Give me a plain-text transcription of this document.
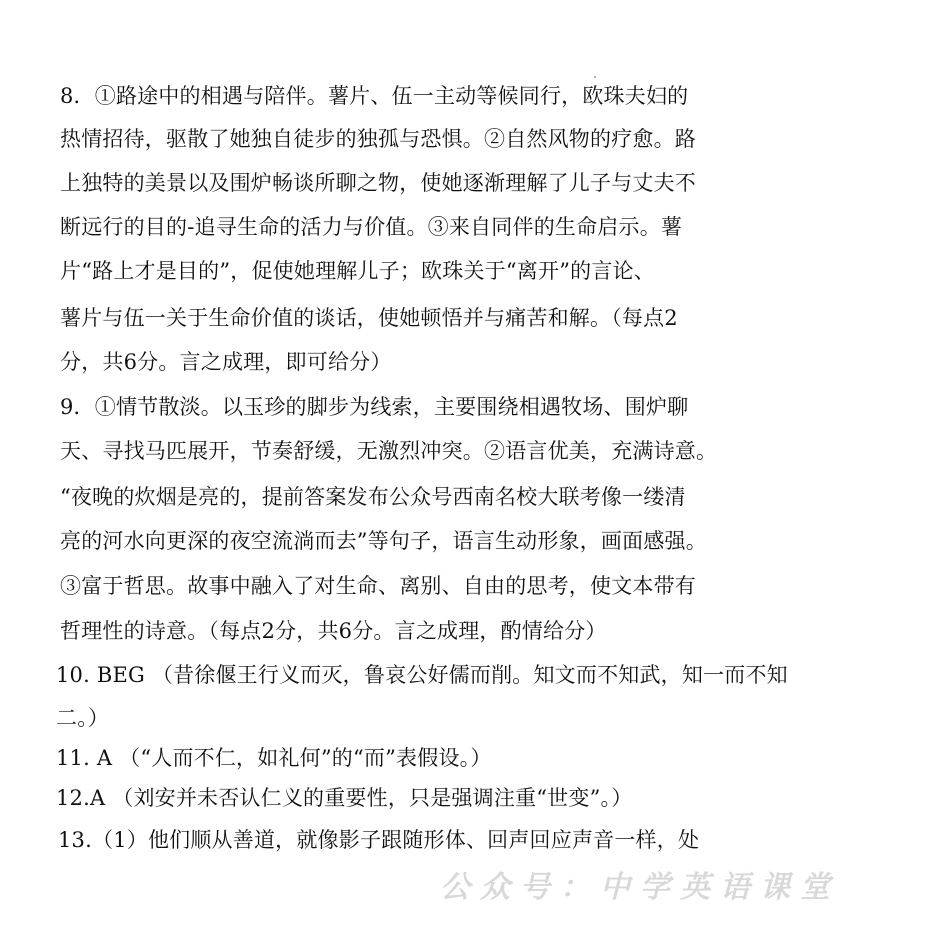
8．①路途中的相遇与陪伴。薯片、伍一主动等候同行，欧珠夫妇的
热情招待，驱散了她独自徒步的独孤与恐惧。②自然风物的疗愈。路
上独特的美景以及围炉畅谈所聊之物，使她逐渐理解了儿子与丈夫不
断远行的目的-追寻生命的活力与价值。③来自同伴的生命启示。薯
片“路上才是目的”，促使她理解儿子；欧珠关于“离开”的言论、
薯片与伍一关于生命价值的谈话，使她顿悟并与痛苦和解。（每点2
分，共6分。言之成理，即可给分）
9．①情节散淡。以玉珍的脚步为线索，主要围绕相遇牧场、围炉聊
天、寻找马匹展开，节奏舒缓，无激烈冲突。②语言优美，充满诗意。
“夜晚的炊烟是亮的，提前答案发布公众号西南名校大联考像一缕清
亮的河水向更深的夜空流淌而去”等句子，语言生动形象，画面感强。
③富于哲思。故事中融入了对生命、离别、自由的思考，使文本带有
哲理性的诗意。（每点2分，共6分。言之成理，酌情给分）
10. BEG （昔徐偃王行义而灭，鲁哀公好儒而削。知文而不知武，知一而不知
二。）
11. A （“人而不仁，如礼何”的“而”表假设。）
12.A （刘安并未否认仁义的重要性，只是强调注重“世变”。）
13.（1）他们顺从善道，就像影子跟随形体、回声回应声音一样，处
公众号：中学英语课堂
